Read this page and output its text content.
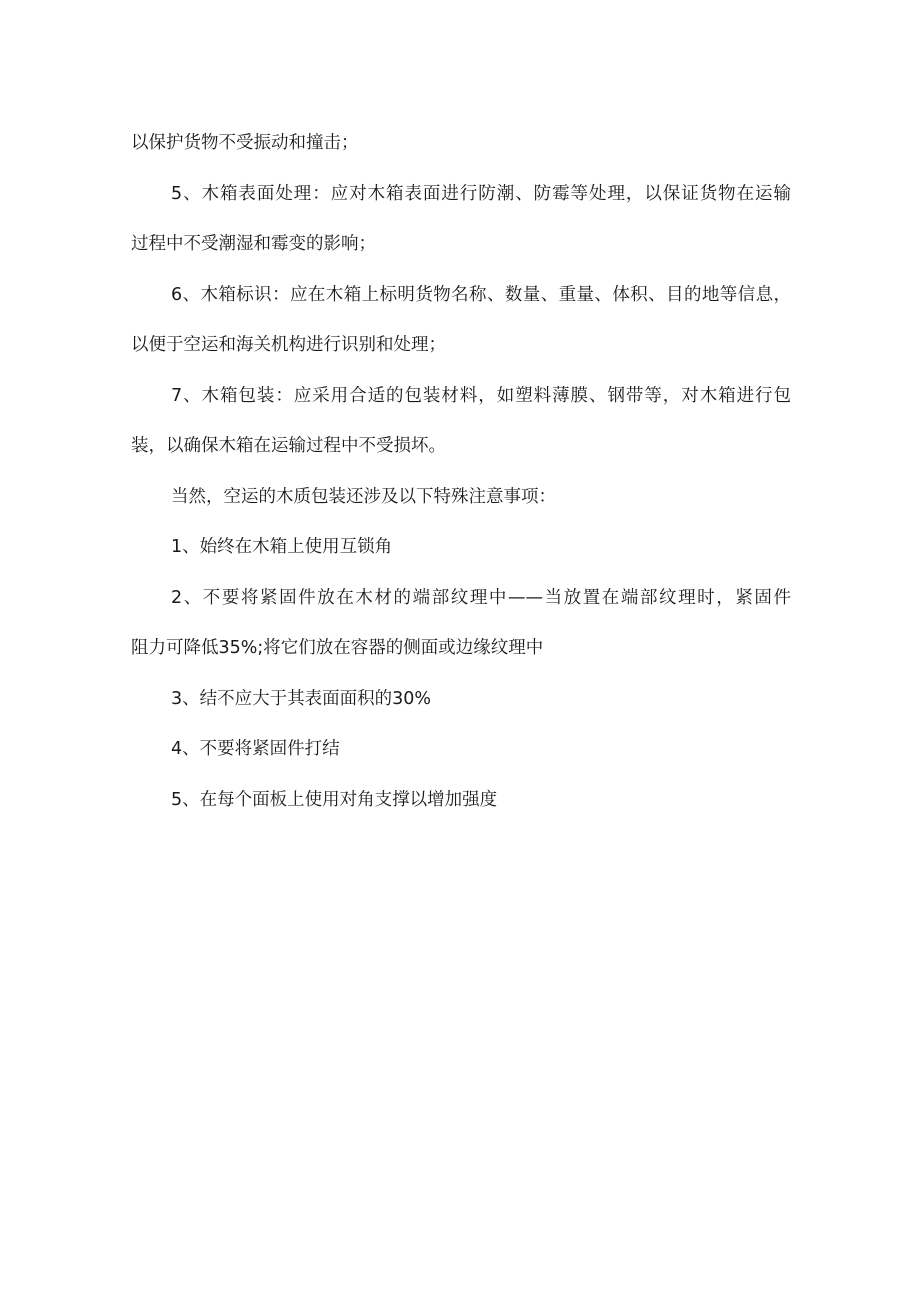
以保护货物不受振动和撞击；

5、木箱表面处理：应对木箱表面进行防潮、防霉等处理，以保证货物在运输
过程中不受潮湿和霉变的影响；

6、木箱标识：应在木箱上标明货物名称、数量、重量、体积、目的地等信息，
以便于空运和海关机构进行识别和处理；

7、木箱包装：应采用合适的包装材料，如塑料薄膜、钢带等，对木箱进行包
装，以确保木箱在运输过程中不受损坏。

当然，空运的木质包装还涉及以下特殊注意事项：

1、始终在木箱上使用互锁角

2、不要将紧固件放在木材的端部纹理中——当放置在端部纹理时，紧固件
阻力可降低35%;将它们放在容器的侧面或边缘纹理中

3、结不应大于其表面面积的30%

4、不要将紧固件打结

5、在每个面板上使用对角支撑以增加强度
